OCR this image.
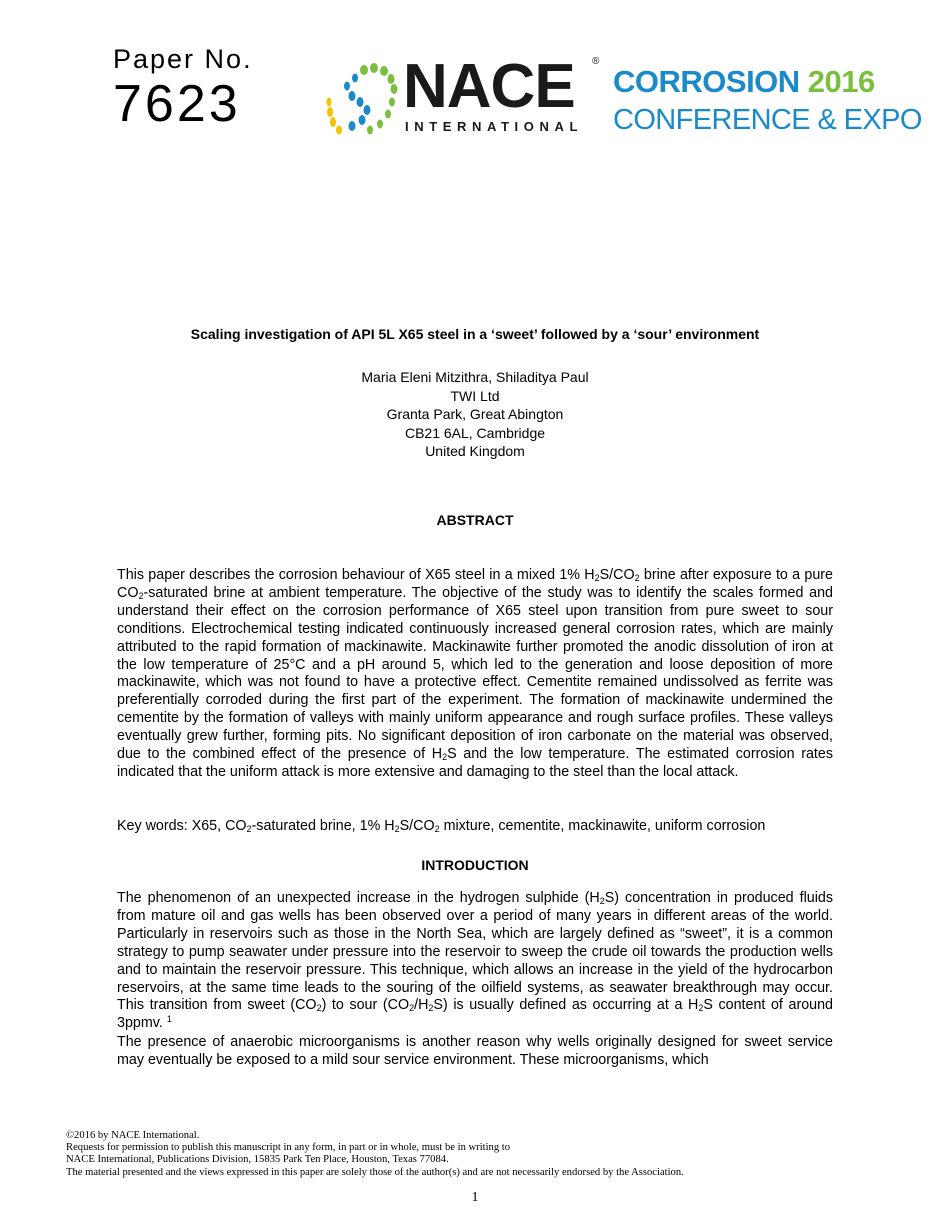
Paper No.
7623	NACE ®
INTERNATIONAL
CORROSION 2016
CONFERENCE & EXPO
Scaling investigation of API 5L X65 steel in a ‘sweet’ followed by a ‘sour’ environment
Maria Eleni Mitzithra, Shiladitya Paul
TWI Ltd
Granta Park, Great Abington
CB21 6AL, Cambridge
United Kingdom
ABSTRACT
This paper describes the corrosion behaviour of X65 steel in a mixed 1% $H_2S/CO_2$ brine after exposure to a pure $CO_2$-saturated brine at ambient temperature. The objective of the study was to identify the scales formed and understand their effect on the corrosion performance of X65 steel upon transition from pure sweet to sour conditions. Electrochemical testing indicated continuously increased general corrosion rates, which are mainly attributed to the rapid formation of mackinawite. Mackinawite further promoted the anodic dissolution of iron at the low temperature of 25°C and a pH around 5, which led to the generation and loose deposition of more mackinawite, which was not found to have a protective effect. Cementite remained undissolved as ferrite was preferentially corroded during the first part of the experiment. The formation of mackinawite undermined the cementite by the formation of valleys with mainly uniform appearance and rough surface profiles. These valleys eventually grew further, forming pits. No significant deposition of iron carbonate on the material was observed, due to the combined effect of the presence of $H_2S$ and the low temperature. The estimated corrosion rates indicated that the uniform attack is more extensive and damaging to the steel than the local attack.
Key words: X65, $CO_2$-saturated brine, 1% $H_2S/CO_2$ mixture, cementite, mackinawite, uniform corrosion
INTRODUCTION
The phenomenon of an unexpected increase in the hydrogen sulphide $(H_2S)$ concentration in produced fluids from mature oil and gas wells has been observed over a period of many years in different areas of the world. Particularly in reservoirs such as those in the North Sea, which are largely defined as “sweet”, it is a common strategy to pump seawater under pressure into the reservoir to sweep the crude oil towards the production wells and to maintain the reservoir pressure. This technique, which allows an increase in the yield of the hydrocarbon reservoirs, at the same time leads to the souring of the oilfield systems, as seawater breakthrough may occur. This transition from sweet $(CO_2)$ to sour $(CO_2/H_2S)$ is usually defined as occurring at a $H_2S$ content of around 3ppmv. $^1$
The presence of anaerobic microorganisms is another reason why wells originally designed for sweet service may eventually be exposed to a mild sour service environment. These microorganisms, which
©2016 by NACE International.
Requests for permission to publish this manuscript in any form, in part or in whole, must be in writing to
NACE International, Publications Division, 15835 Park Ten Place, Houston, Texas 77084.
The material presented and the views expressed in this paper are solely those of the author(s) and are not necessarily endorsed by the Association.
1
